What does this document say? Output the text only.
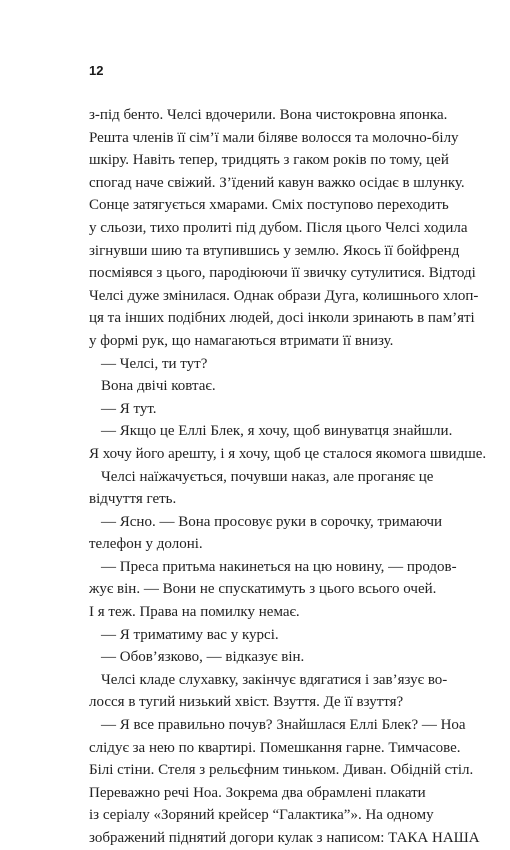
12
з-під бенто. Челсі вдочерили. Вона чистокровна японка.
Решта членів її сім’ї мали біляве волосся та молочно-білу
шкіру. Навіть тепер, тридцять з гаком років по тому, цей
спогад наче свіжий. З’їдений кавун важко осідає в шлунку.
Сонце затягується хмарами. Сміх поступово переходить
у сльози, тихо пролиті під дубом. Після цього Челсі ходила
зігнувши шию та втупившись у землю. Якось її бойфренд
посміявся з цього, пародіюючи її звичку сутулитися. Відтоді
Челсі дуже змінилася. Однак образи Дуга, колишнього хлоп-
ця та інших подібних людей, досі інколи зринають в пам’яті
у формі рук, що намагаються втримати її внизу.
— Челсі, ти тут?
Вона двічі ковтає.
— Я тут.
— Якщо це Еллі Блек, я хочу, щоб винуватця знайшли.
Я хочу його арешту, і я хочу, щоб це сталося якомога швидше.
Челсі наїжачується, почувши наказ, але проганяє це
відчуття геть.
— Ясно. — Вона просовує руки в сорочку, тримаючи
телефон у долоні.
— Преса притьма накинеться на цю новину, — продов-
жує він. — Вони не спускатимуть з цього всього очей.
І я теж. Права на помилку немає.
— Я триматиму вас у курсі.
— Обов’язково, — відказує він.
Челсі кладе слухавку, закінчує вдягатися і зав’язує во-
лосся в тугий низький хвіст. Взуття. Де її взуття?
— Я все правильно почув? Знайшлася Еллі Блек? — Ноа
слідує за нею по квартирі. Помешкання гарне. Тимчасове.
Білі стіни. Стеля з рельєфним тиньком. Диван. Обідній стіл.
Переважно речі Ноа. Зокрема два обрамлені плакати
із серіалу «Зоряний крейсер “Галактика”». На одному
зображений піднятий догори кулак з написом: ТАКА НАША
